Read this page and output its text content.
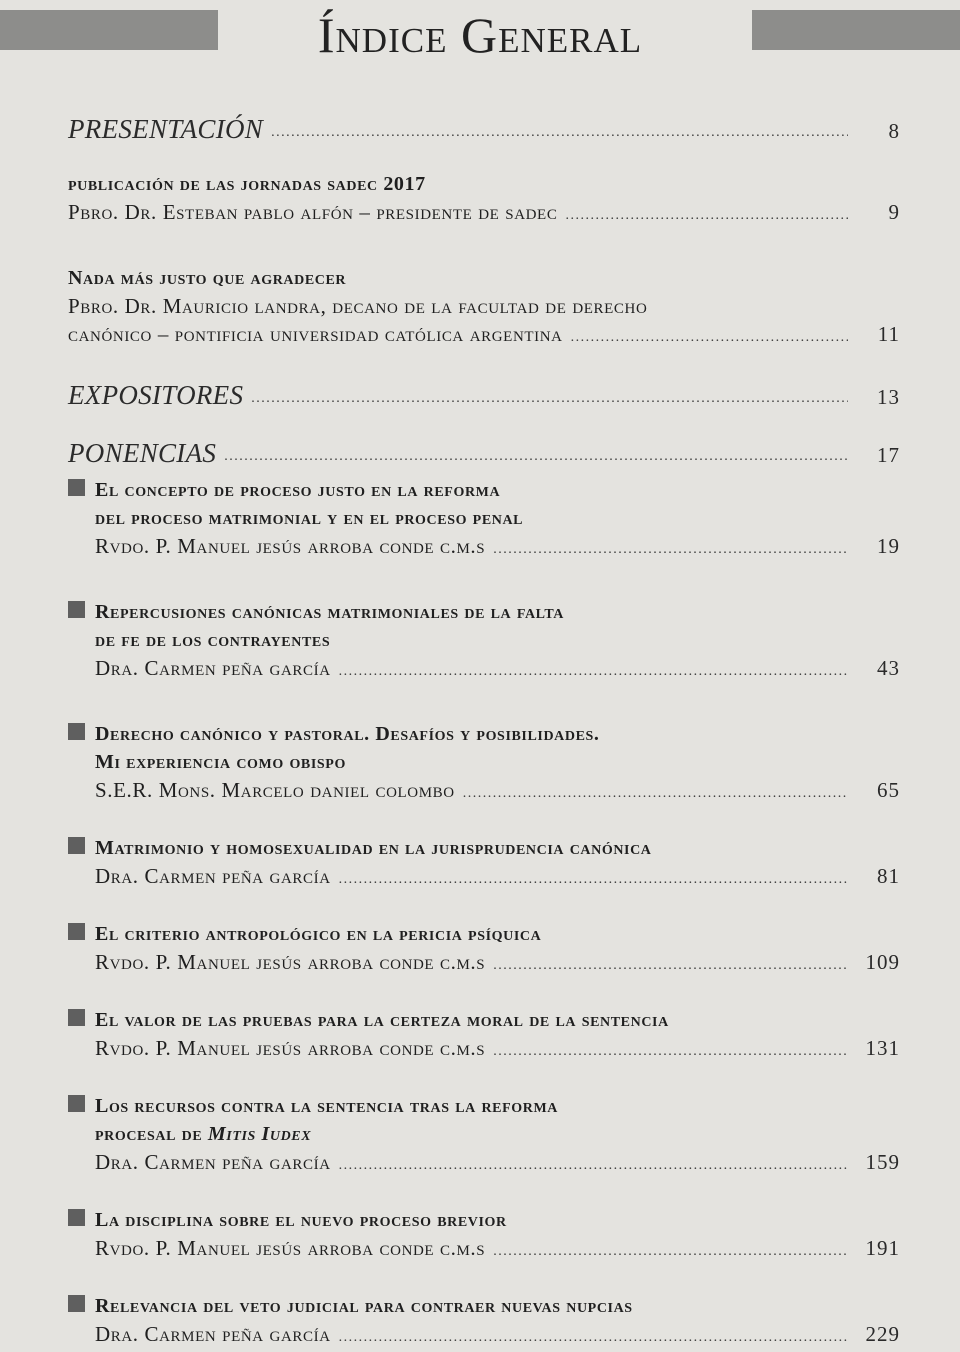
Índice General
PRESENTACIÓN .....	8
publicación de las jornadas sadec 2017
Pbro. Dr. Esteban pablo alfón – presidente de sadec .....	9
Nada más justo que agradecer
Pbro. Dr. Mauricio landra, decano de la facultad de derecho
canónico – pontificia universidad católica argentina .....	11
EXPOSITORES .....	13
PONENCIAS .....	17
El concepto de proceso justo en la reforma
del proceso matrimonial y en el proceso penal
Rvdo. P. Manuel jesús arroba conde c.m.s .....	19
Repercusiones canónicas matrimoniales de la falta
de fe de los contrayentes
Dra. Carmen peña garcía .....	43
Derecho canónico y pastoral. Desafíos y posibilidades.
Mi experiencia como obispo
S.E.R. Mons. Marcelo daniel colombo .....	65
Matrimonio y homosexualidad en la jurisprudencia canónica
Dra. Carmen peña garcía .....	81
El criterio antropológico en la pericia psíquica
Rvdo. P. Manuel jesús arroba conde c.m.s .....	109
El valor de las pruebas para la certeza moral de la sentencia
Rvdo. P. Manuel jesús arroba conde c.m.s .....	131
Los recursos contra la sentencia tras la reforma
procesal de Mitis Iudex
Dra. Carmen peña garcía .....	159
La disciplina sobre el nuevo proceso brevior
Rvdo. P. Manuel jesús arroba conde c.m.s .....	191
Relevancia del veto judicial para contraer nuevas nupcias
Dra. Carmen peña garcía .....	229
